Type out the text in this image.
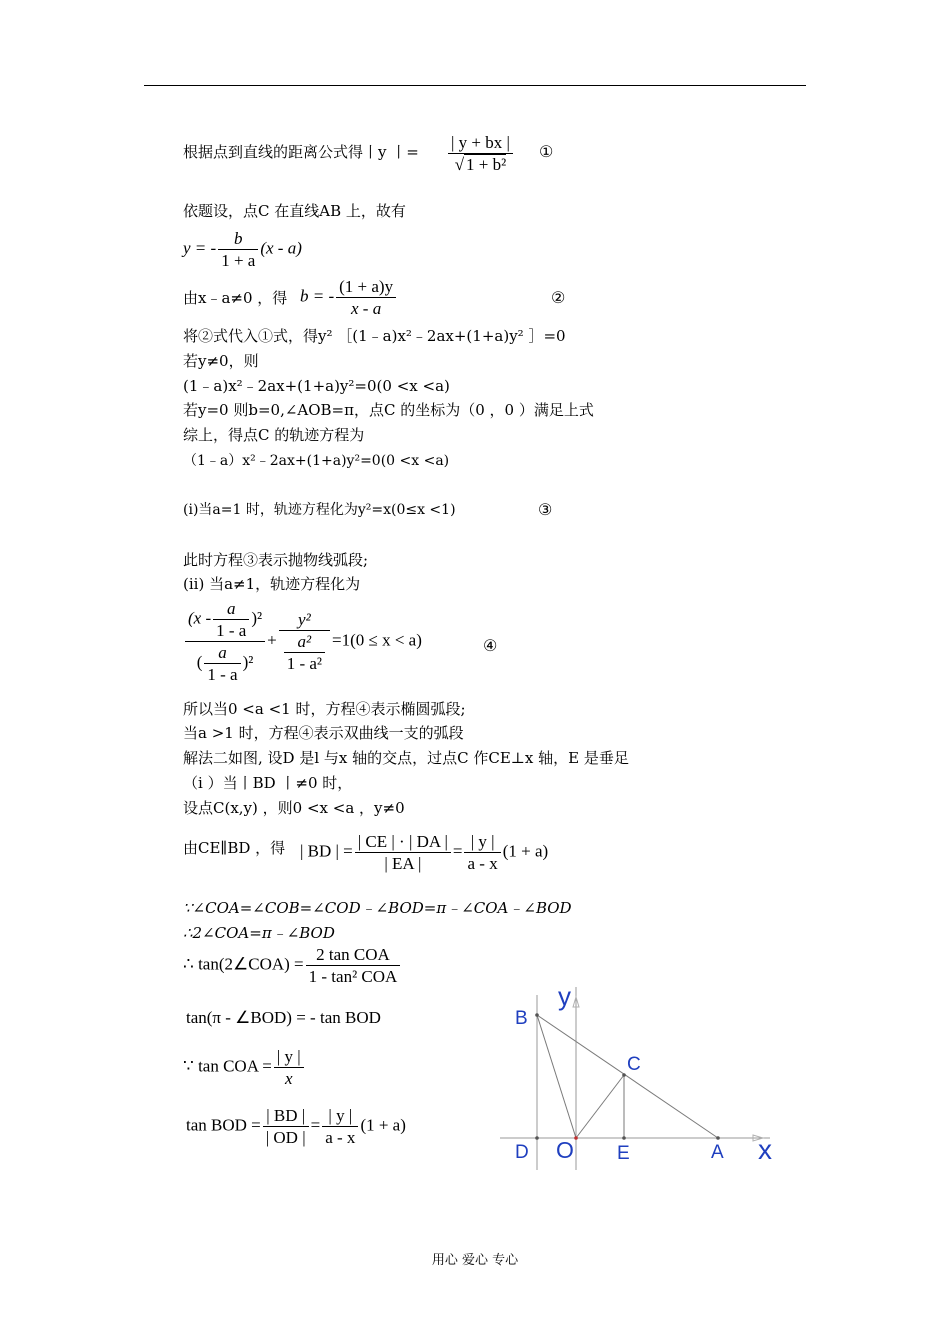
根据点到直线的距离公式得丨y 丨= $\frac{| y + bx |}{\text{√ 1 + b²}}$ ①
依题设，点C 在直线AB 上，故有
y = - $\frac{b}{1 + a} (x - a)$
由x﹣a≠0 ，得 b = - $\frac{(1 + a)y}{x - a}$	②
将②式代入①式，得y² ［(1﹣a)x²﹣2ax+(1+a)y² ］=0
若y≠0，则
(1﹣a)x²﹣2ax+(1+a)y²=0(0 <x <a)
若y=0 则b=0,∠AOB=π，点C 的坐标为（0 ，0 ）满足上式
综上，得点C 的轨迹方程为
（1﹣a）x²﹣2ax+(1+a)y²=0(0 <x <a)
(i)当a=1 时，轨迹方程化为y²=x(0≤x <1)	③
此时方程③表示抛物线弧段;
(ii) 当a≠1，轨迹方程化为
$\frac{(x - \frac{a}{1 - a} )^2}{( \frac{a}{1 - a} )^2} + \frac{\text{y²}}{\frac{\text{a²}}{\text{1 - a²}}} =1(0 \le x < a)$	④
所以当0 <a <1 时，方程④表示椭圆弧段;
当a >1 时，方程④表示双曲线一支的弧段
解法二如图, 设D 是l 与x 轴的交点，过点C 作CE⊥x 轴，E 是垂足
（i ）当丨BD 丨≠0 时，
设点C(x,y) ，则0 <x <a ，y≠0
由CE∥BD ，得 | BD | = $\frac{| CE | \cdot | DA |}{| EA |} = \frac{| y |}{a - x} (1 + a)$
∵∠COA=∠COB=∠COD﹣∠BOD=π﹣∠COA﹣∠BOD
∴2∠COA=π﹣∠BOD
∴ tan(2∠COA) = $\frac{\text{2 tan COA}}{\text{1 - tan² COA}}$
tan(π - ∠BOD) = - tan BOD
∵ tan COA = $\frac{| y |}{x}$
tan BOD = $\frac{| BD |}{| OD |} = \frac{| y |}{a - x} (1 + a)$
y
B
C
D O E	A x
用心 爱心 专心
